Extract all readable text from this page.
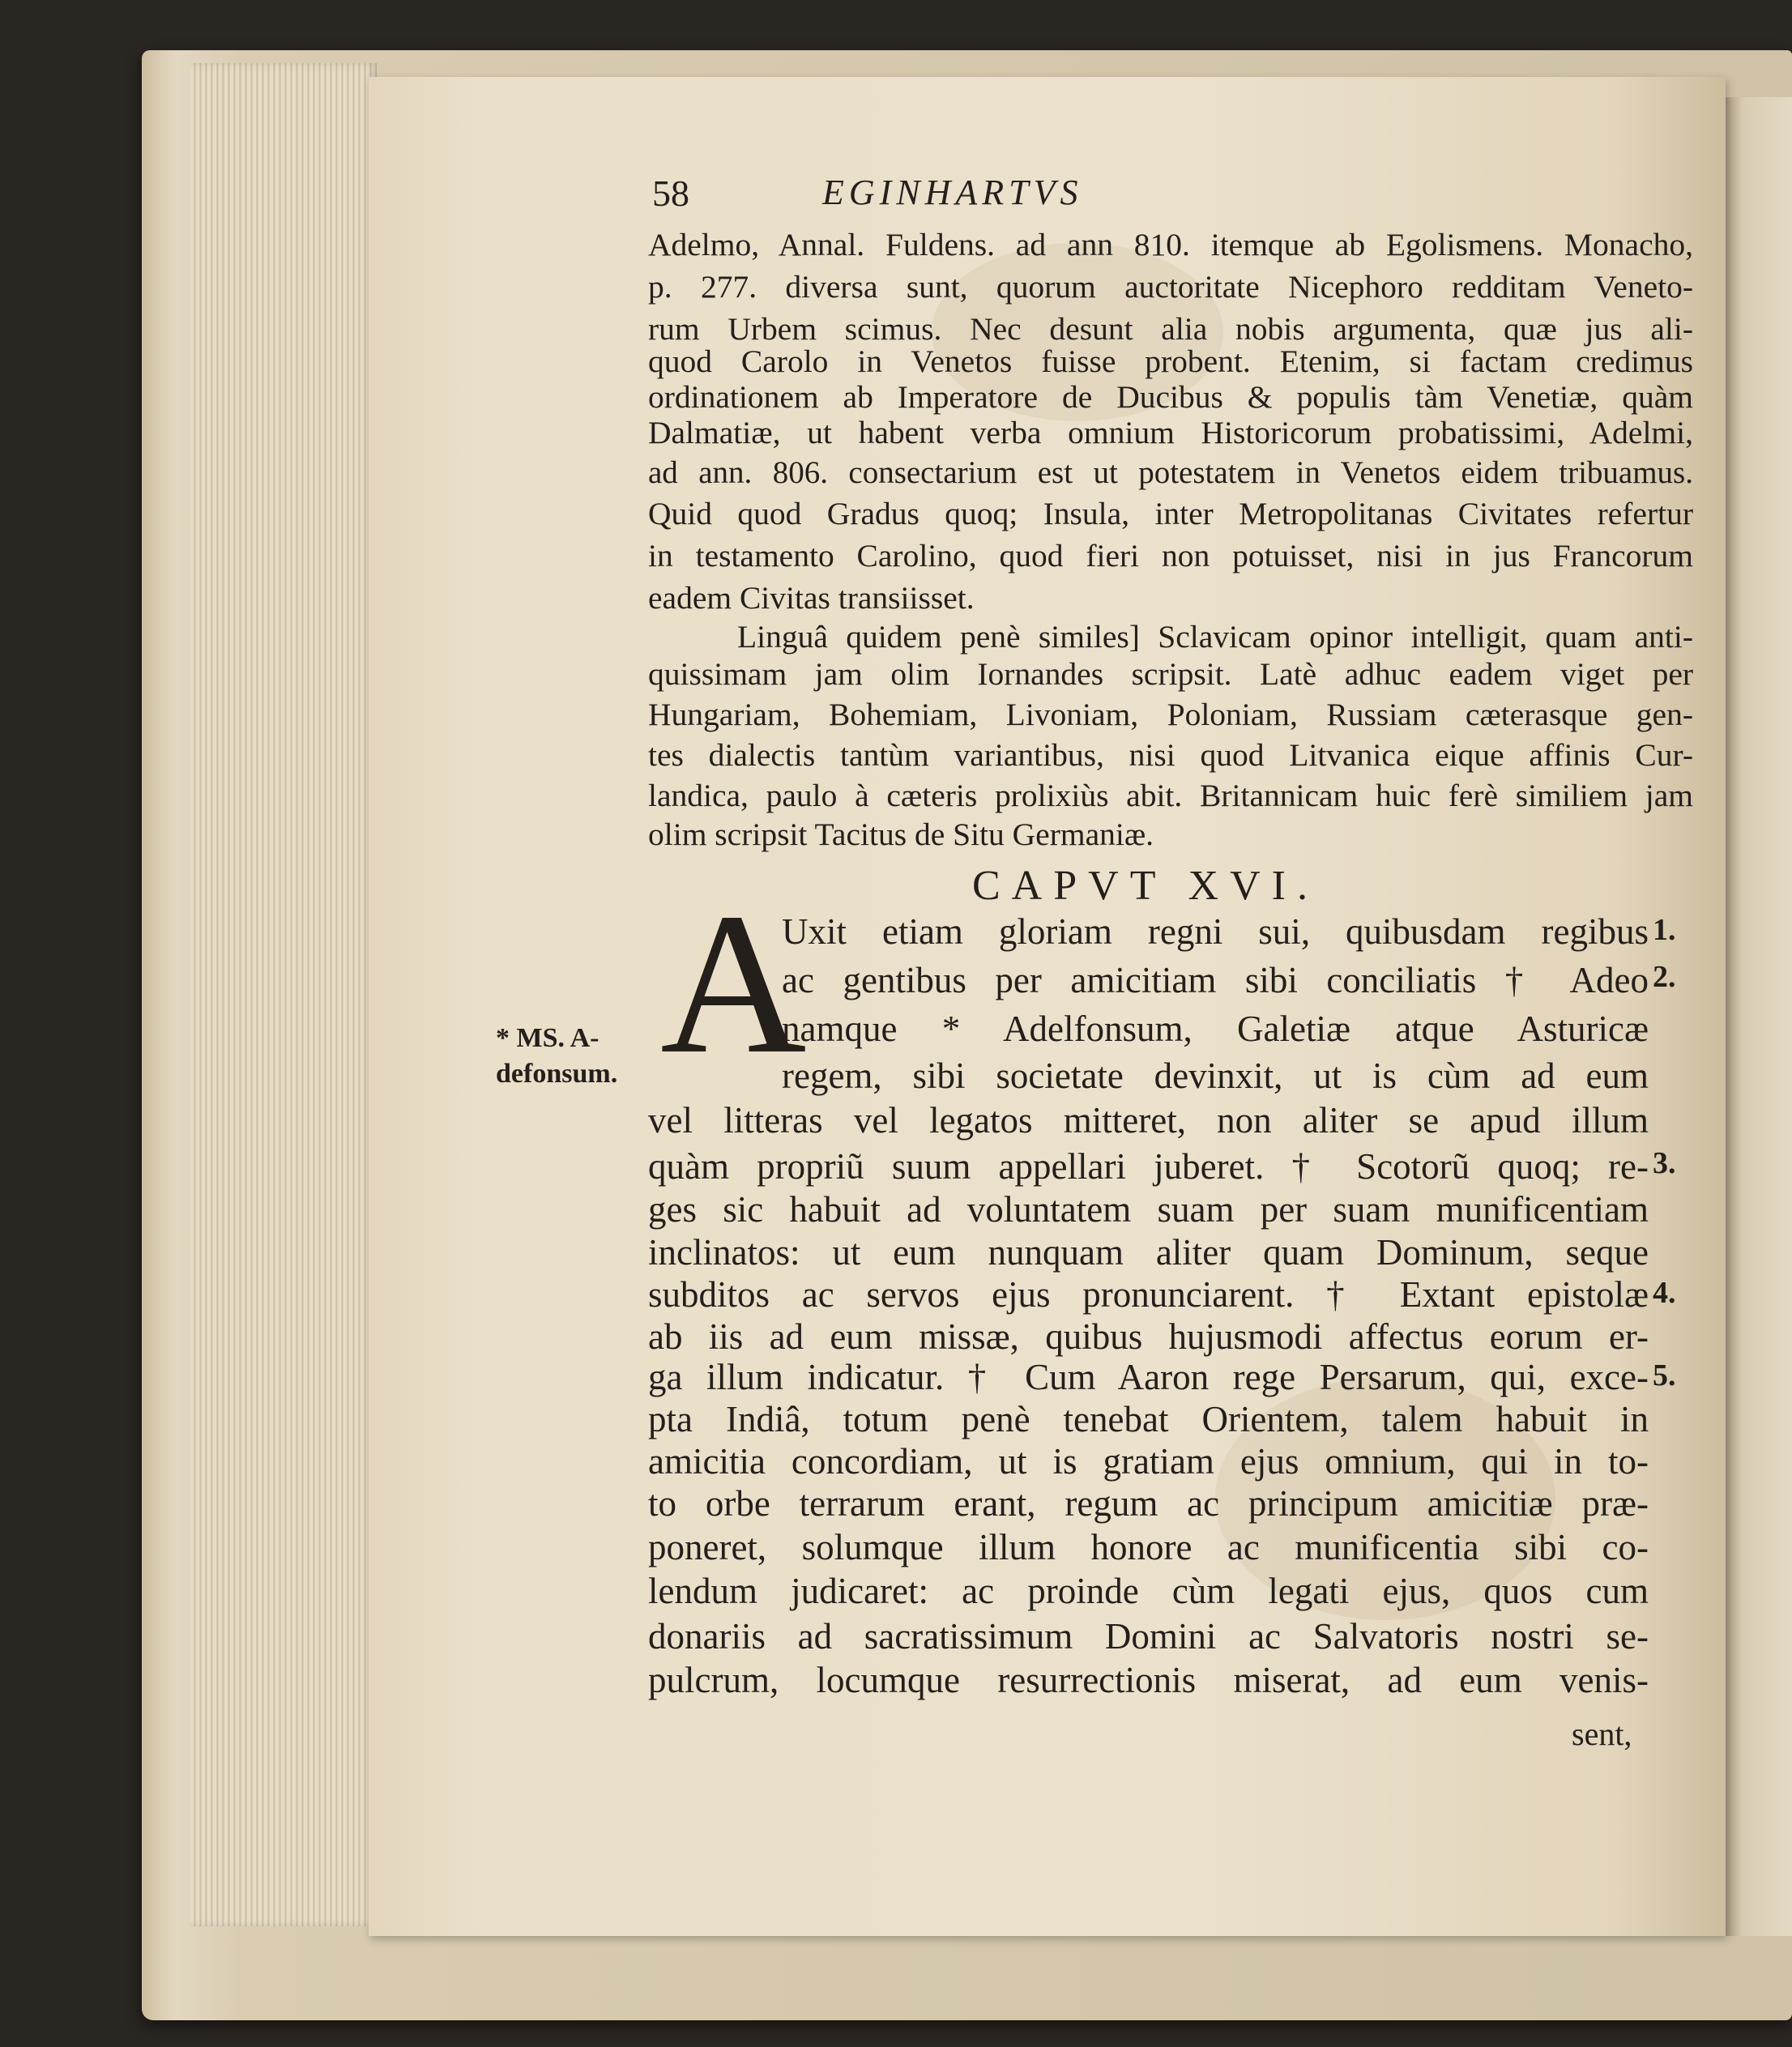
58	EGINHARTVS
Adelmo, Annal. Fuldens. ad ann 810. itemque ab Egolismens. Monacho,
p. 277. diversa sunt, quorum auctoritate Nicephoro redditam Veneto-
rum Urbem scimus. Nec desunt alia nobis argumenta, quæ jus ali-
quod Carolo in Venetos fuisse probent. Etenim, si factam credimus
ordinationem ab Imperatore de Ducibus & populis tàm Venetiæ, quàm
Dalmatiæ, ut habent verba omnium Historicorum probatissimi, Adelmi,
ad ann. 806. consectarium est ut potestatem in Venetos eidem tribuamus.
Quid quod Gradus quoq; Insula, inter Metropolitanas Civitates refertur
in testamento Carolino, quod fieri non potuisset, nisi in jus Francorum
eadem Civitas transiisset.
Linguâ quidem penè similes] Sclavicam opinor intelligit, quam anti-
quissimam jam olim Iornandes scripsit. Latè adhuc eadem viget per
Hungariam, Bohemiam, Livoniam, Poloniam, Russiam cæterasque gen-
tes dialectis tantùm variantibus, nisi quod Litvanica eique affinis Cur-
landica, paulo à cæteris prolixiùs abit. Britannicam huic ferè similiem jam
olim scripsit Tacitus de Situ Germaniæ.
CAPVT XVI.
A
Uxit etiam gloriam regni sui, quibusdam regibus
ac gentibus per amicitiam sibi conciliatis † Adeo
namque * Adelfonsum, Galetiæ atque Asturicæ
regem, sibi societate devinxit, ut is cùm ad eum
vel litteras vel legatos mitteret, non aliter se apud illum
quàm propriũ suum appellari juberet. † Scotorũ quoq; re-
ges sic habuit ad voluntatem suam per suam munificentiam
inclinatos: ut eum nunquam aliter quam Dominum, seque
subditos ac servos ejus pronunciarent. † Extant epistolæ
ab iis ad eum missæ, quibus hujusmodi affectus eorum er-
ga illum indicatur. † Cum Aaron rege Persarum, qui, exce-
pta Indiâ, totum penè tenebat Orientem, talem habuit in
amicitia concordiam, ut is gratiam ejus omnium, qui in to-
to orbe terrarum erant, regum ac principum amicitiæ præ-
poneret, solumque illum honore ac munificentia sibi co-
lendum judicaret: ac proinde cùm legati ejus, quos cum
donariis ad sacratissimum Domini ac Salvatoris nostri se-
pulcrum, locumque resurrectionis miserat, ad eum venis-
sent,
* MS. A-
defonsum.
1.
2.
3.
4.
5.
